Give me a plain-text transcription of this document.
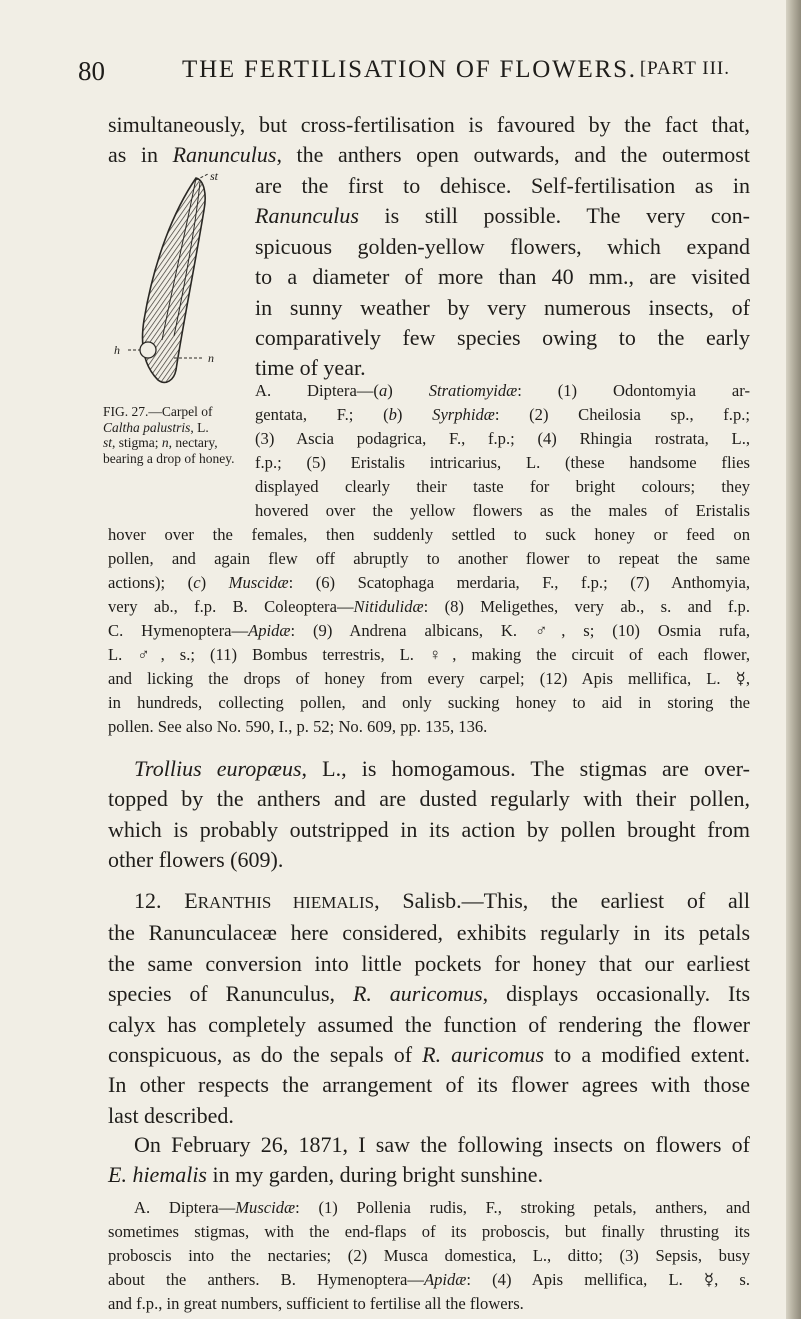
80	THE FERTILISATION OF FLOWERS. [PART III.
simultaneously, but cross-fertilisation is favoured by the fact that,
as in Ranunculus, the anthers open outwards, and the outermost
are the first to dehisce. Self-fertilisation as in
Ranunculus is still possible. The very con-
spicuous golden-yellow flowers, which expand
to a diameter of more than 40 mm., are visited
in sunny weather by very numerous insects, of
comparatively few species owing to the early
time of year.
st
n
h
FIG. 27.—Carpel of
Caltha palustris, L.
st, stigma; n, nectary,
bearing a drop of honey.
A. Diptera—(a) Stratiomyidæ: (1) Odontomyia ar-
gentata, F.; (b) Syrphidæ: (2) Cheilosia sp., f.p.;
(3) Ascia podagrica, F., f.p.; (4) Rhingia rostrata, L.,
f.p.; (5) Eristalis intricarius, L. (these handsome flies
displayed clearly their taste for bright colours; they
hovered over the yellow flowers as the males of Eristalis
hover over the females, then suddenly settled to suck honey or feed on
pollen, and again flew off abruptly to another flower to repeat the same
actions); (c) Muscidæ: (6) Scatophaga merdaria, F., f.p.; (7) Anthomyia,
very ab., f.p. B. Coleoptera—Nitidulidæ: (8) Meligethes, very ab., s. and f.p.
C. Hymenoptera—Apidæ: (9) Andrena albicans, K. ♂, s; (10) Osmia rufa,
L. ♂, s.; (11) Bombus terrestris, L. ♀, making the circuit of each flower,
and licking the drops of honey from every carpel; (12) Apis mellifica, L. ☿,
in hundreds, collecting pollen, and only sucking honey to aid in storing the
pollen. See also No. 590, I., p. 52; No. 609, pp. 135, 136.
Trollius europæus, L., is homogamous. The stigmas are over-
topped by the anthers and are dusted regularly with their pollen,
which is probably outstripped in its action by pollen brought from
other flowers (609).
12. ERANTHIS HIEMALIS, Salisb.—This, the earliest of all
the Ranunculaceæ here considered, exhibits regularly in its petals
the same conversion into little pockets for honey that our earliest
species of Ranunculus, R. auricomus, displays occasionally. Its
calyx has completely assumed the function of rendering the flower
conspicuous, as do the sepals of R. auricomus to a modified extent.
In other respects the arrangement of its flower agrees with those
last described.
On February 26, 1871, I saw the following insects on flowers of
E. hiemalis in my garden, during bright sunshine.
A. Diptera—Muscidæ: (1) Pollenia rudis, F., stroking petals, anthers, and
sometimes stigmas, with the end-flaps of its proboscis, but finally thrusting its
proboscis into the nectaries; (2) Musca domestica, L., ditto; (3) Sepsis, busy
about the anthers. B. Hymenoptera—Apidæ: (4) Apis mellifica, L. ☿, s.
and f.p., in great numbers, sufficient to fertilise all the flowers.
